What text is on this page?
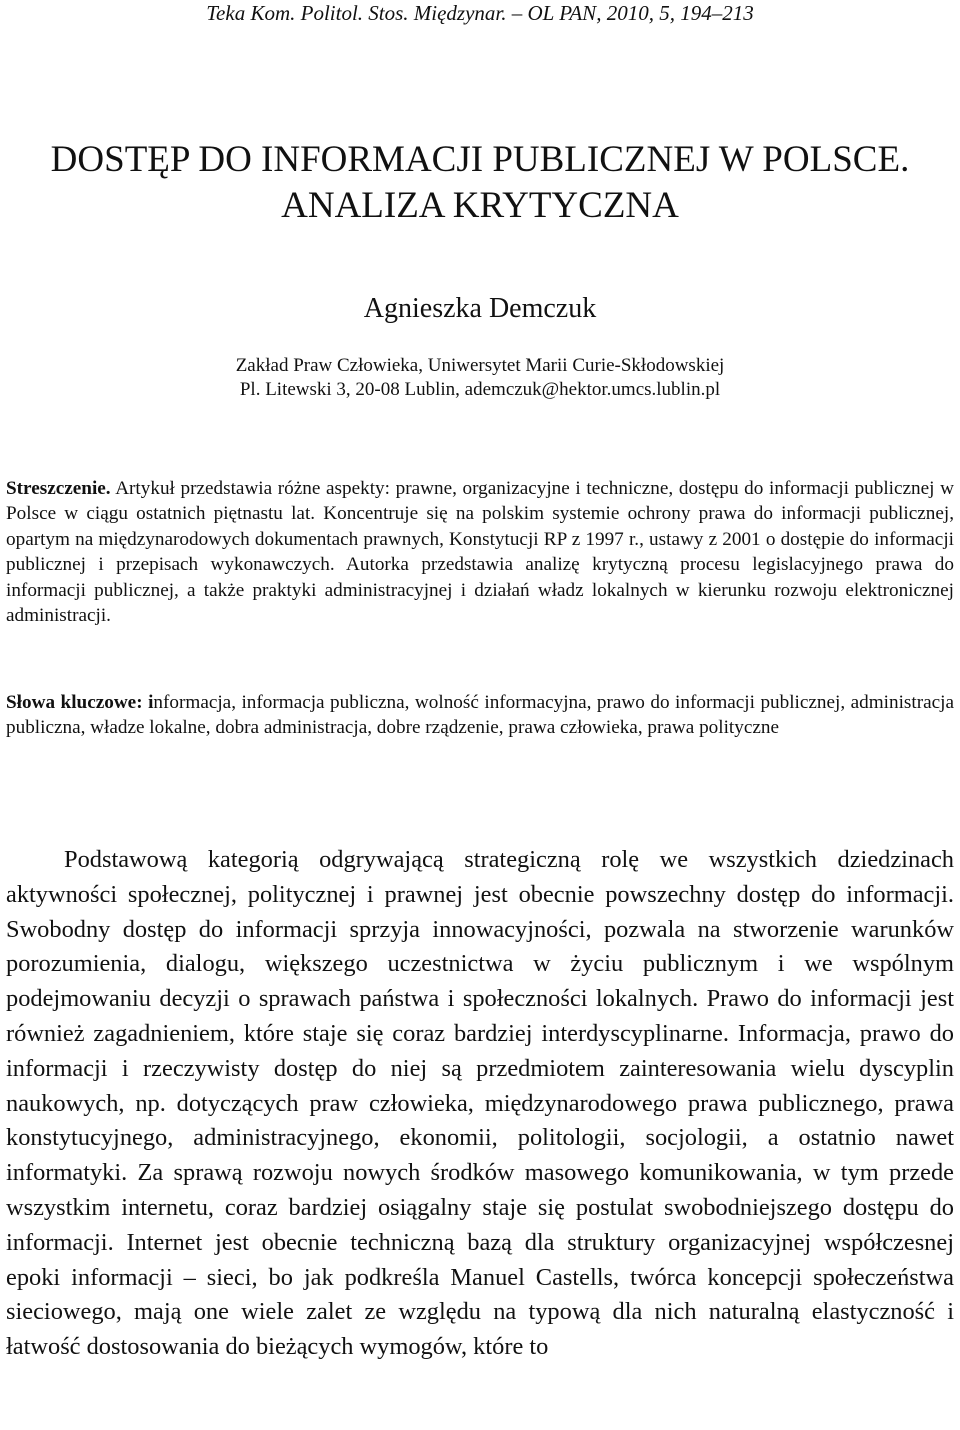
Teka Kom. Politol. Stos. Międzynar. – OL PAN, 2010, 5, 194–213
DOSTĘP DO INFORMACJI PUBLICZNEJ W POLSCE.
ANALIZA KRYTYCZNA
Agnieszka Demczuk
Zakład Praw Człowieka, Uniwersytet Marii Curie-Skłodowskiej
Pl. Litewski 3, 20-08 Lublin, ademczuk@hektor.umcs.lublin.pl

Streszczenie. Artykuł przedstawia różne aspekty: prawne, organizacyjne i techniczne, dostępu do informacji publicznej w Polsce w ciągu ostatnich piętnastu lat. Koncentruje się na polskim systemie ochrony prawa do informacji publicznej, opartym na międzynarodowych dokumentach prawnych, Konstytucji RP z 1997 r., ustawy z 2001 o dostępie do informacji publicznej i przepisach wykonawczych. Autorka przedstawia analizę krytyczną procesu legislacyjnego prawa do informacji publicznej, a także praktyki administracyjnej i działań władz lokalnych w kierunku rozwoju elektronicznej administracji.

Słowa kluczowe: informacja, informacja publiczna, wolność informacyjna, prawo do informacji publicznej, administracja publiczna, władze lokalne, dobra administracja, dobre rządzenie, prawa człowieka, prawa polityczne

Podstawową kategorią odgrywającą strategiczną rolę we wszystkich dziedzinach aktywności społecznej, politycznej i prawnej jest obecnie powszechny dostęp do informacji. Swobodny dostęp do informacji sprzyja innowacyjności, pozwala na stworzenie warunków porozumienia, dialogu, większego uczestnictwa w życiu publicznym i we wspólnym podejmowaniu decyzji o sprawach państwa i społeczności lokalnych. Prawo do informacji jest również zagadnieniem, które staje się coraz bardziej interdyscyplinarne. Informacja, prawo do informacji i rzeczywisty dostęp do niej są przedmiotem zainteresowania wielu dyscyplin naukowych, np. dotyczących praw człowieka, międzynarodowego prawa publicznego, prawa konstytucyjnego, administracyjnego, ekonomii, politologii, socjologii, a ostatnio nawet informatyki. Za sprawą rozwoju nowych środków masowego komunikowania, w tym przede wszystkim internetu, coraz bardziej osiągalny staje się postulat swobodniejszego dostępu do informacji. Internet jest obecnie techniczną bazą dla struktury organizacyjnej współczesnej epoki informacji – sieci, bo jak podkreśla Manuel Castells, twórca koncepcji społeczeństwa sieciowego, mają one wiele zalet ze względu na typową dla nich naturalną elastyczność i łatwość dostosowania do bieżących wymogów, które to
